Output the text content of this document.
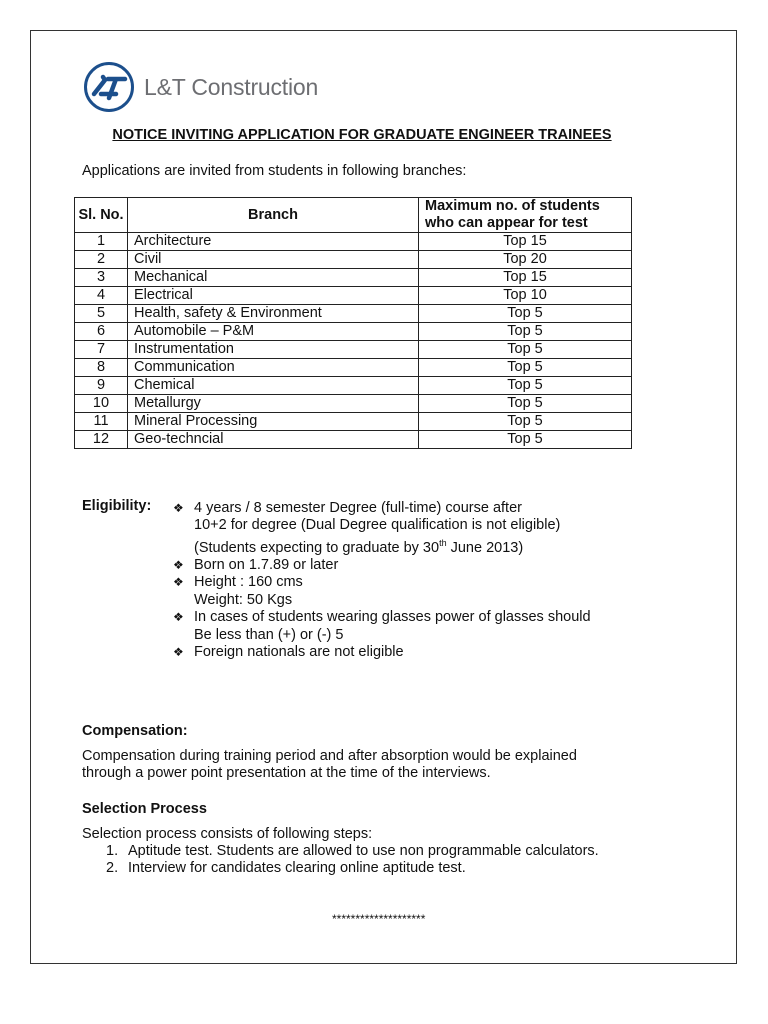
L&T Construction
NOTICE INVITING APPLICATION FOR GRADUATE ENGINEER TRAINEES
Applications are invited from students in following branches:
Sl. No.	Branch	Maximum no. of students
who can appear for test

1	Architecture	Top 15
2	Civil	Top 20
3	Mechanical	Top 15
4	Electrical	Top 10
5	Health, safety & Environment	Top 5
6	Automobile – P&M	Top 5
7	Instrumentation	Top 5
8	Communication	Top 5
9	Chemical	Top 5
10	Metallurgy	Top 5
11	Mineral Processing	Top 5
12	Geo-techncial	Top 5
Eligibility: ❖ 4 years / 8 semester Degree (full-time) course after
10+2 for degree (Dual Degree qualification is not eligible)
(Students expecting to graduate by 30th June 2013)
❖ Born on 1.7.89 or later
❖ Height : 160 cms
Weight: 50 Kgs
❖ In cases of students wearing glasses power of glasses should
Be less than (+) or (-) 5
❖ Foreign nationals are not eligible
Compensation:
Compensation during training period and after absorption would be explained
through a power point presentation at the time of the interviews.
Selection Process
Selection process consists of following steps:
1. Aptitude test. Students are allowed to use non programmable calculators.
2. Interview for candidates clearing online aptitude test.
********************
